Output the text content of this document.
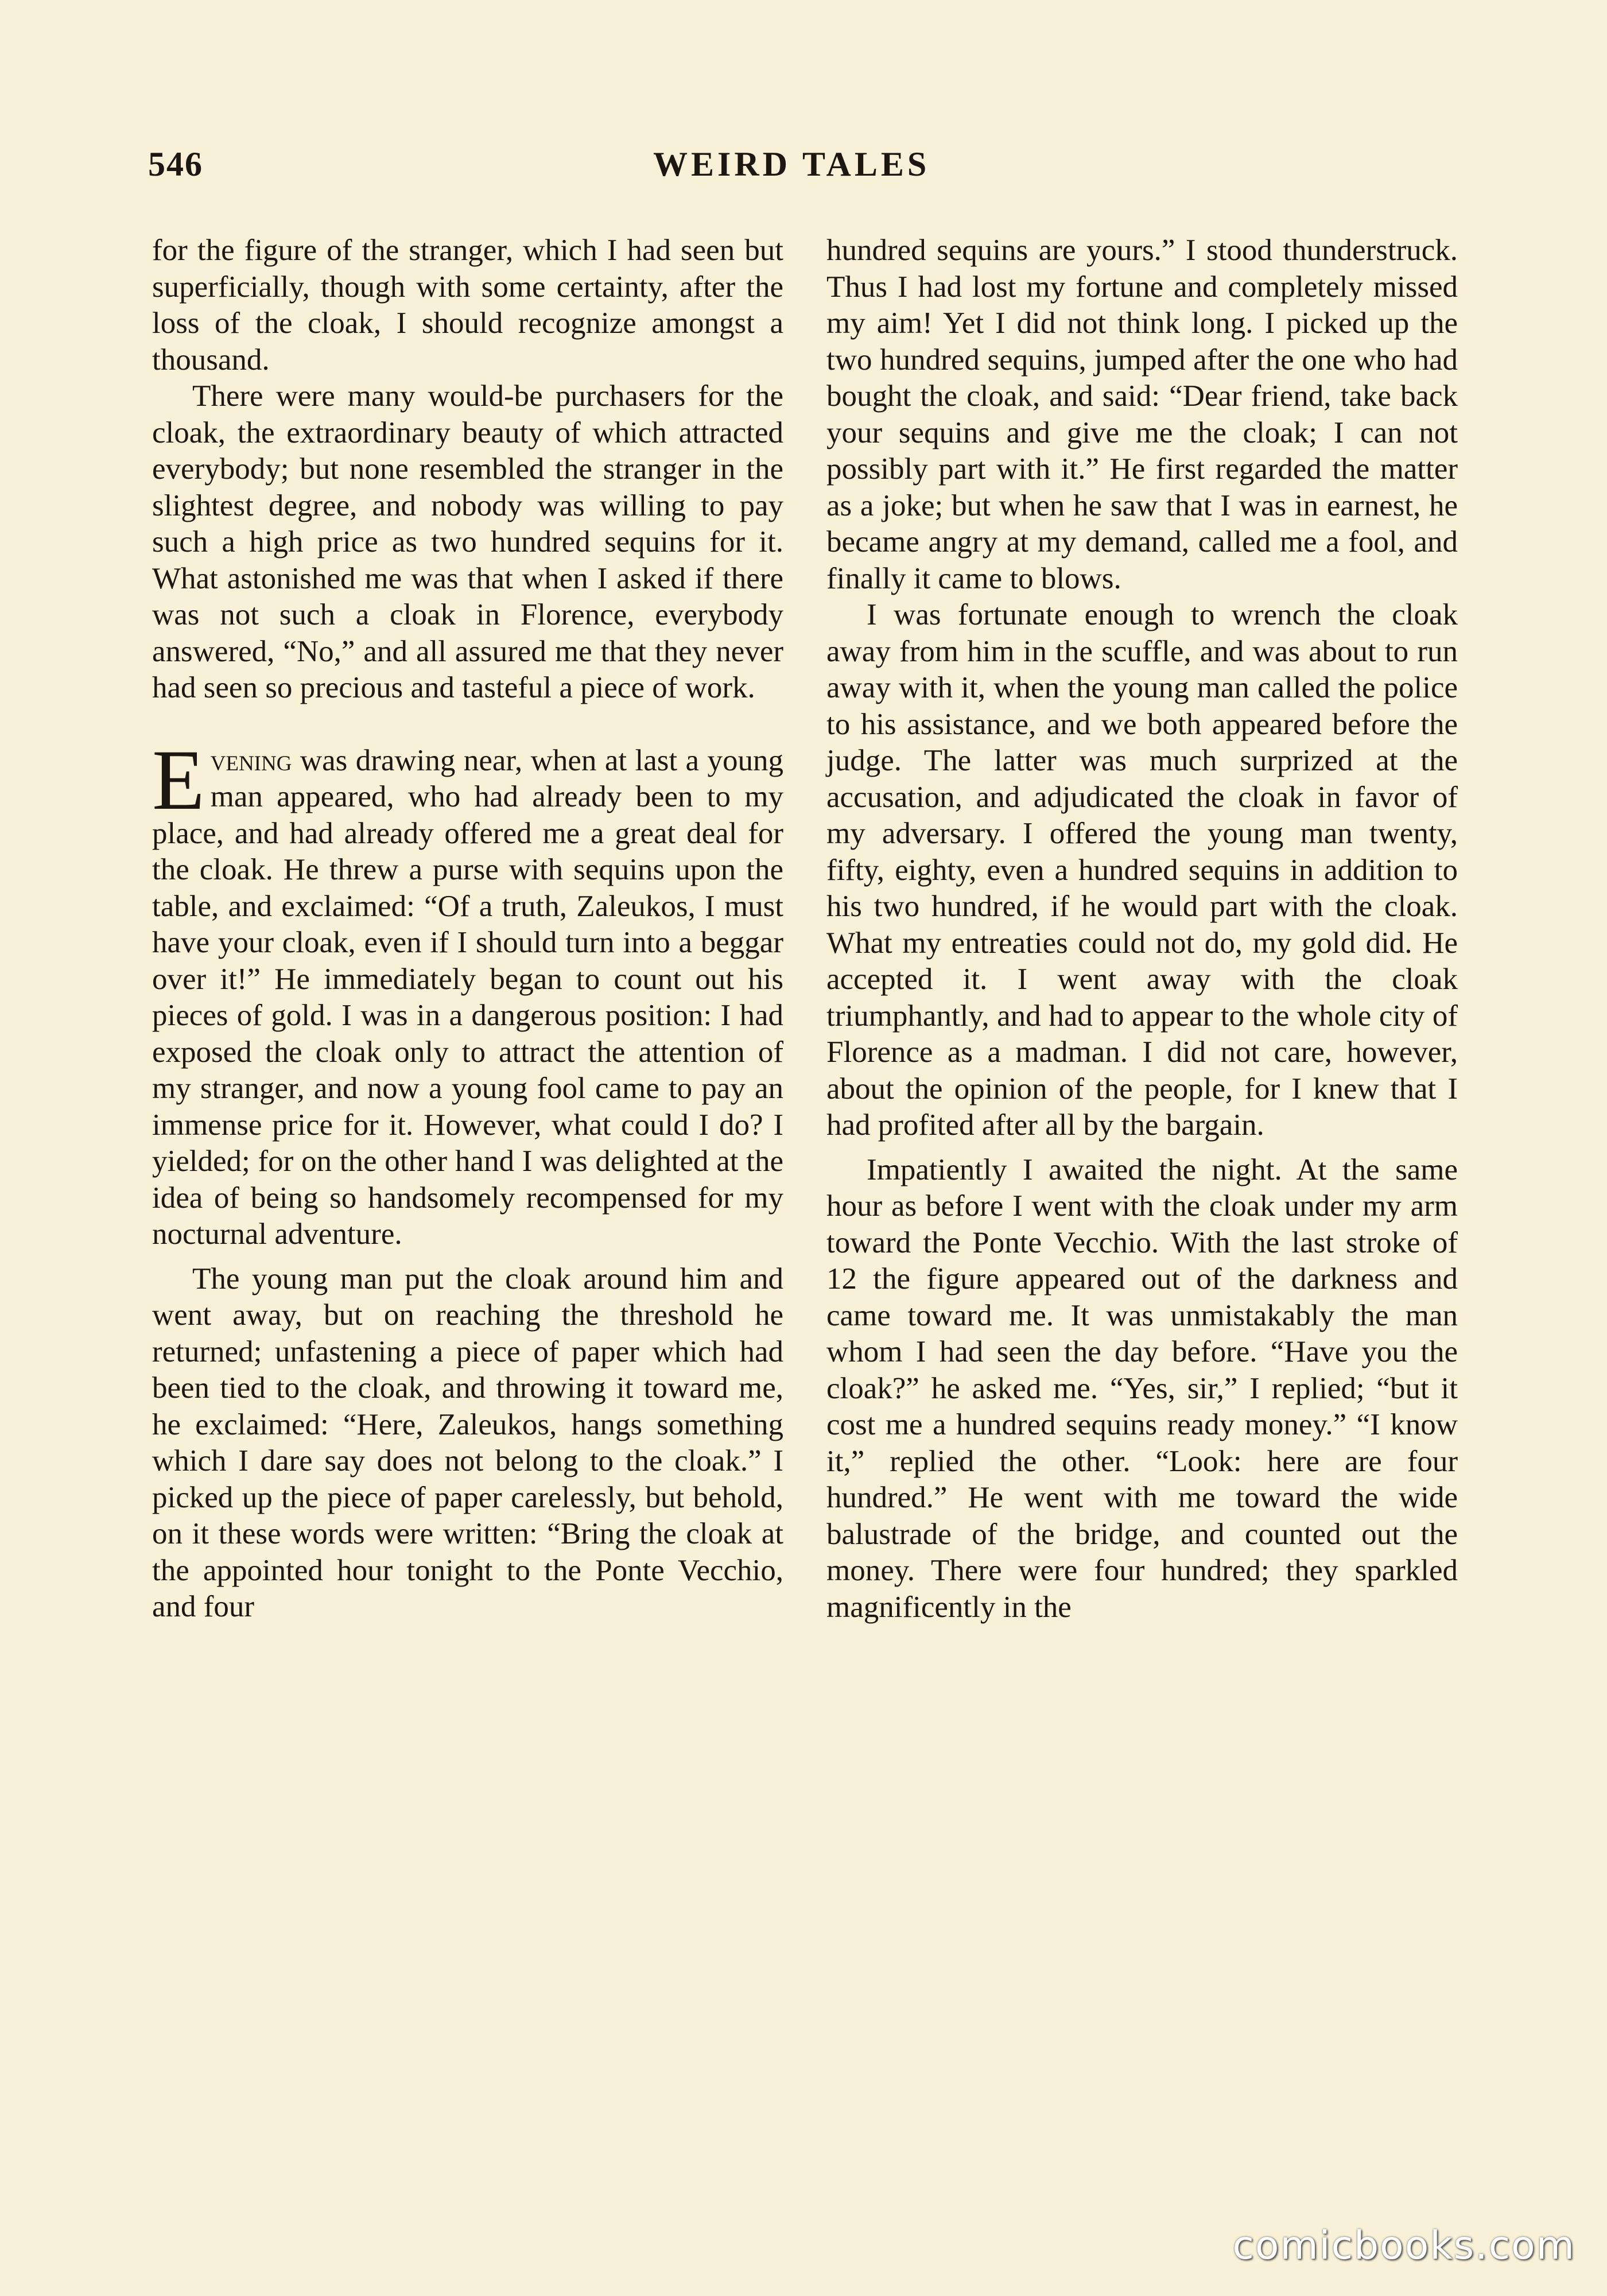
546	WEIRD TALES

for the figure of the stranger, which I had seen but superficially, though with some certainty, after the loss of the cloak, I should recognize amongst a thousand.

There were many would-be purchasers for the cloak, the extraordinary beauty of which attracted everybody; but none resembled the stranger in the slightest degree, and nobody was willing to pay such a high price as two hundred sequins for it. What astonished me was that when I asked if there was not such a cloak in Florence, everybody answered, “No,” and all assured me that they never had seen so precious and tasteful a piece of work.

Evening was drawing near, when at last a young man appeared, who had already been to my place, and had already offered me a great deal for the cloak. He threw a purse with sequins upon the table, and exclaimed: “Of a truth, Zaleukos, I must have your cloak, even if I should turn into a beggar over it!” He immediately began to count out his pieces of gold. I was in a dangerous position: I had exposed the cloak only to attract the attention of my stranger, and now a young fool came to pay an immense price for it. However, what could I do? I yielded; for on the other hand I was delighted at the idea of being so handsomely recompensed for my nocturnal adventure.

The young man put the cloak around him and went away, but on reaching the threshold he returned; unfastening a piece of paper which had been tied to the cloak, and throwing it toward me, he exclaimed: “Here, Zaleukos, hangs something which I dare say does not belong to the cloak.” I picked up the piece of paper carelessly, but behold, on it these words were written: “Bring the cloak at the appointed hour tonight to the Ponte Vecchio, and four

hundred sequins are yours.” I stood thunderstruck. Thus I had lost my fortune and completely missed my aim! Yet I did not think long. I picked up the two hundred sequins, jumped after the one who had bought the cloak, and said: “Dear friend, take back your sequins and give me the cloak; I can not possibly part with it.” He first regarded the matter as a joke; but when he saw that I was in earnest, he became angry at my demand, called me a fool, and finally it came to blows.

I was fortunate enough to wrench the cloak away from him in the scuffle, and was about to run away with it, when the young man called the police to his assistance, and we both appeared before the judge. The latter was much surprized at the accusation, and adjudicated the cloak in favor of my adversary. I offered the young man twenty, fifty, eighty, even a hundred sequins in addition to his two hundred, if he would part with the cloak. What my entreaties could not do, my gold did. He accepted it. I went away with the cloak triumphantly, and had to appear to the whole city of Florence as a madman. I did not care, however, about the opinion of the people, for I knew that I had profited after all by the bargain.

Impatiently I awaited the night. At the same hour as before I went with the cloak under my arm toward the Ponte Vecchio. With the last stroke of 12 the figure appeared out of the darkness and came toward me. It was unmistakably the man whom I had seen the day before. “Have you the cloak?” he asked me. “Yes, sir,” I replied; “but it cost me a hundred sequins ready money.” “I know it,” replied the other. “Look: here are four hundred.” He went with me toward the wide balustrade of the bridge, and counted out the money. There were four hundred; they sparkled magnificently in the

comicbooks.com
